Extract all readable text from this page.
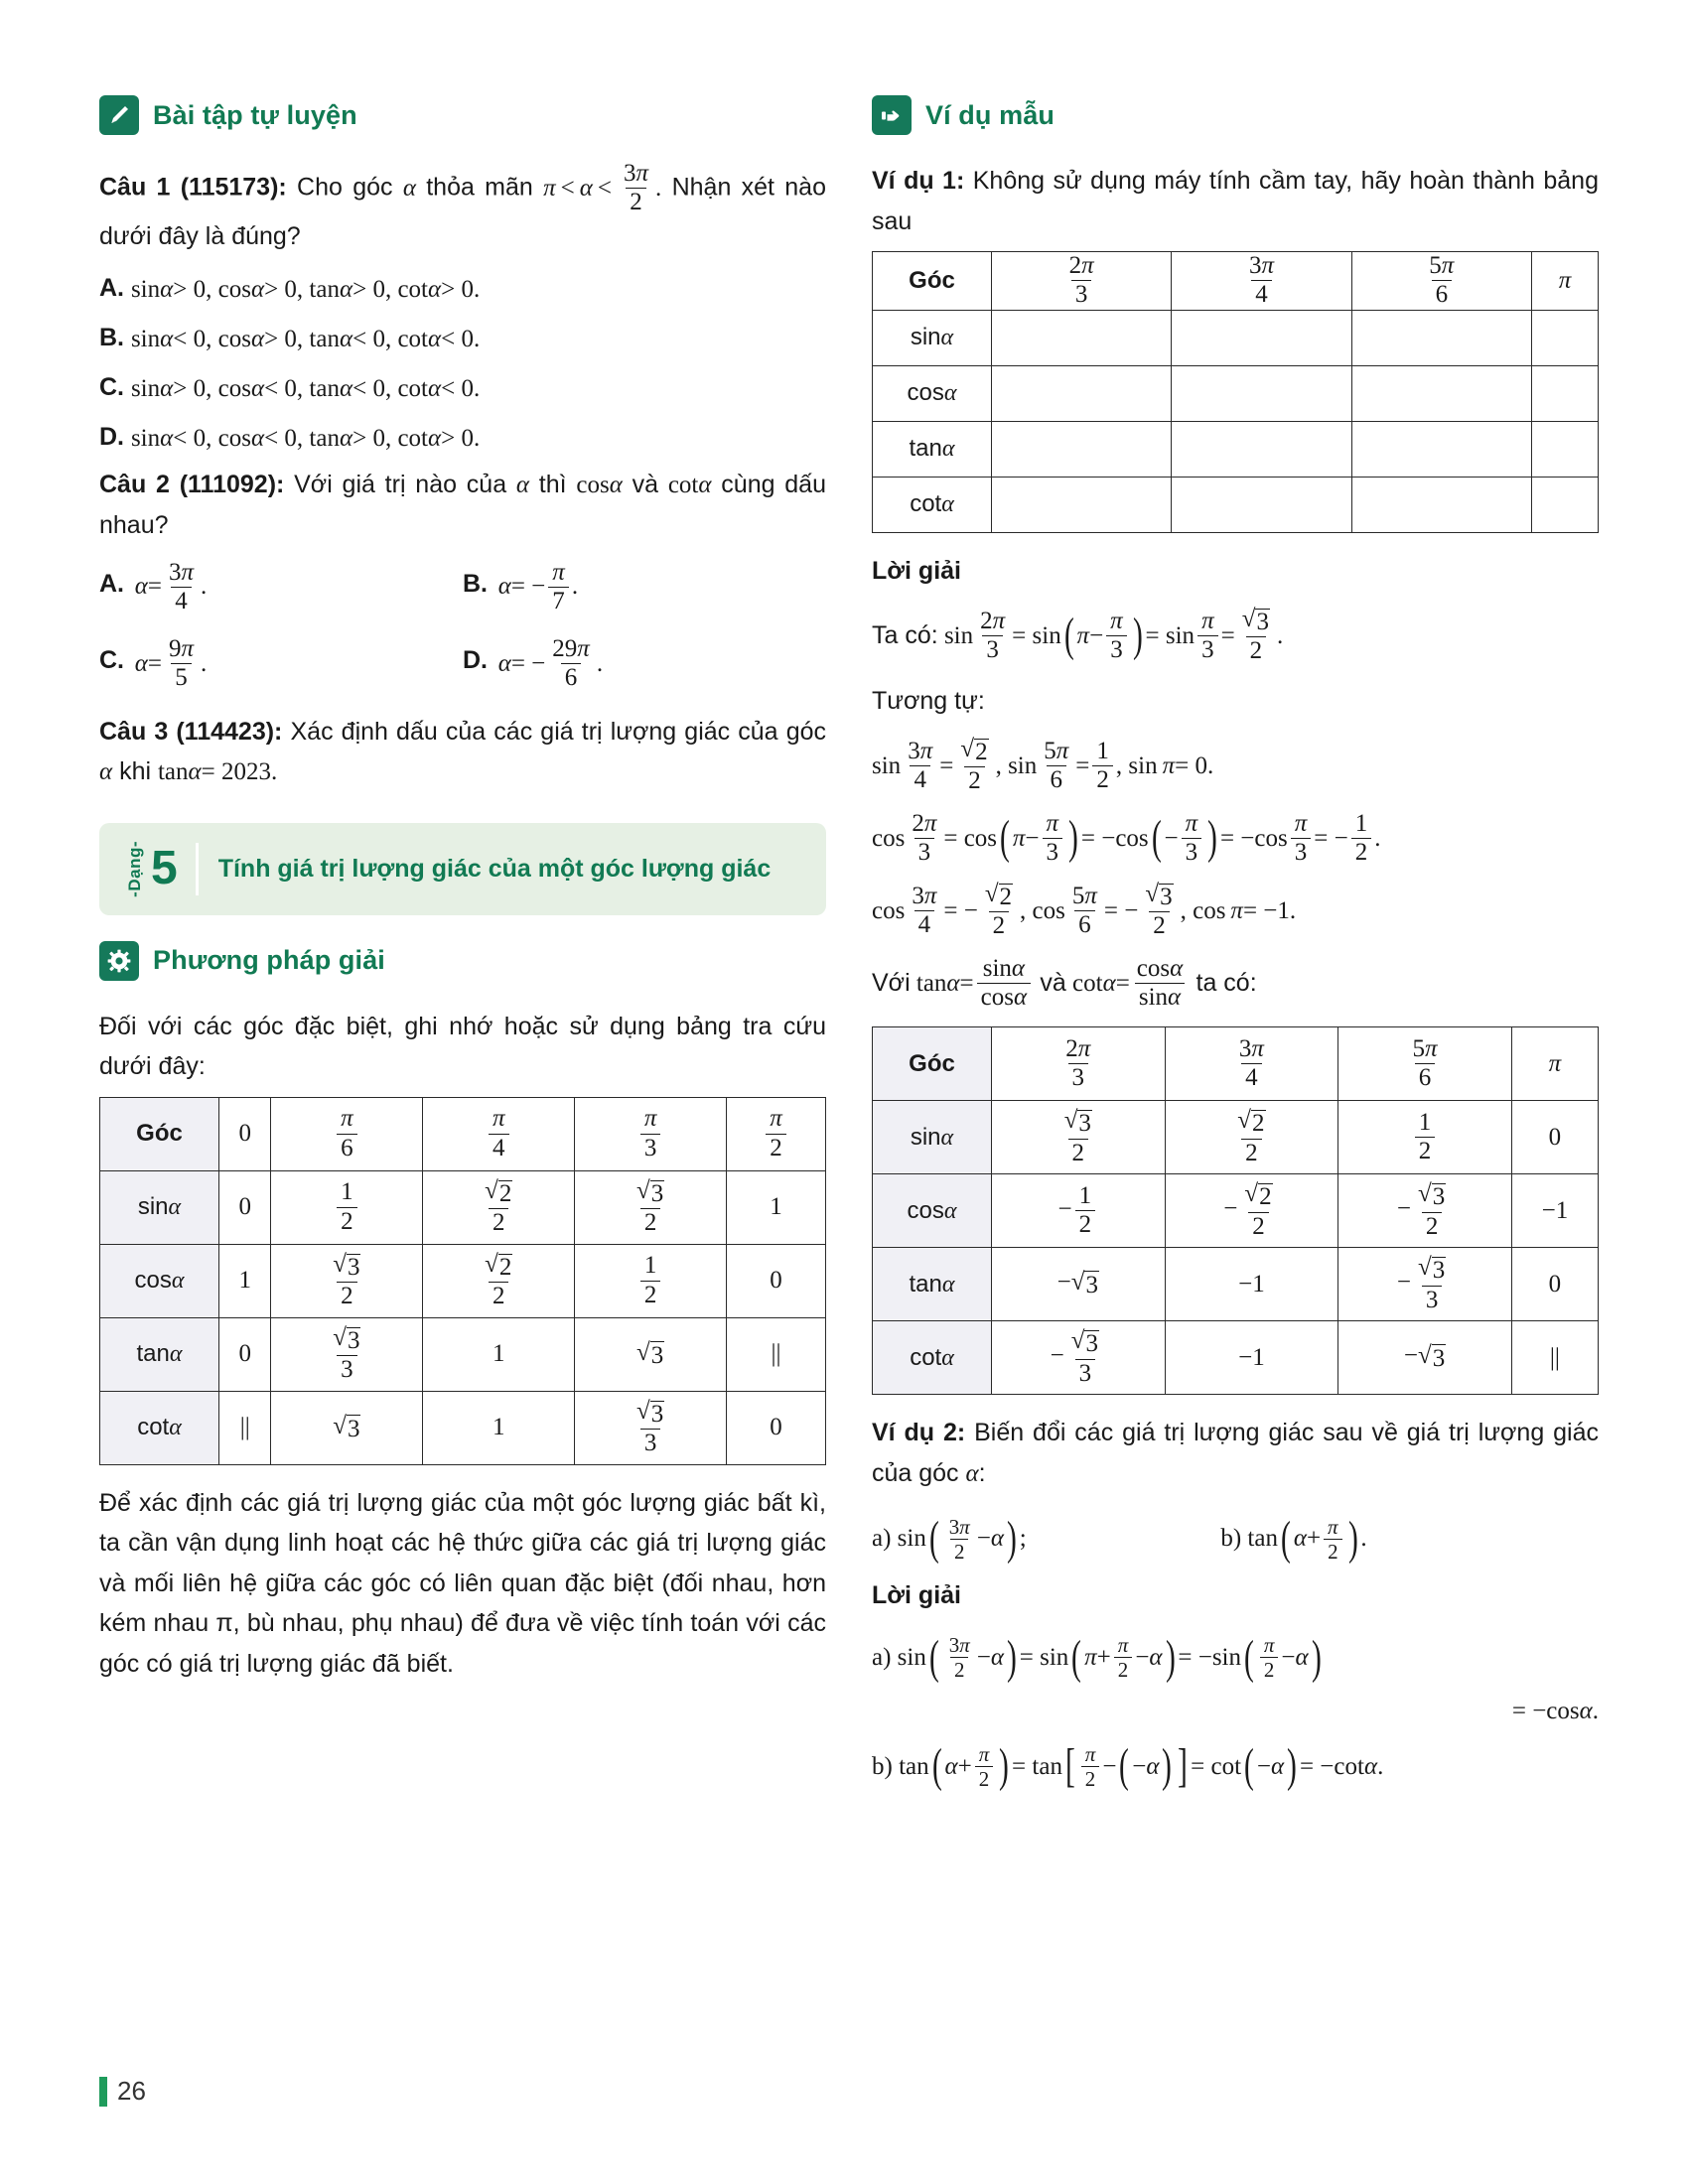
Bài tập tự luyện

Câu 1 (115173): Cho góc α thỏa mãn $\pi < \alpha < \frac{3\pi}{2}$ . Nhận xét nào dưới đây là đúng?

A. sin α > 0, cos α > 0, tan α > 0, cot α > 0.

B. sin α < 0, cos α > 0, tan α < 0, cot α < 0.

C. sin α > 0, cos α < 0, tan α < 0, cot α < 0.

D. sin α < 0, cos α < 0, tan α > 0, cot α > 0.

Câu 2 (111092): Với giá trị nào của α thì cos α và cot α cùng dấu nhau?

A. $\alpha = \frac{3\pi}{4}$ .	B. α = − $\frac{\pi}{7}$ .
C. $\alpha = \frac{9\pi}{5}$ .	D. α = − $\frac{29\pi}{6}$ .

Câu 3 (114423): Xác định dấu của các giá trị lượng giác của góc α khi tan α = 2023.

-Dạng- 5 Tính giá trị lượng giác của một góc lượng giác
Phương pháp giải

Đối với các góc đặc biệt, ghi nhớ hoặc sử dụng bảng tra cứu dưới đây:

Góc	0	$\frac{\pi}{6}$	$\frac{\pi}{4}$	$\frac{\pi}{3}$	$\frac{\pi}{2}$

sinα	0	$\frac{1}{2}$	$\frac{√ 2}{2}$	$\frac{√ 3}{2}$	1
cosα	1	$\frac{√ 3}{2}$	$\frac{√ 2}{2}$	$\frac{1}{2}$	0
tanα	0	$\frac{√ 3}{3}$	1	√ 3	||
cotα	||	√ 3	1	$\frac{√ 3}{3}$	0

Để xác định các giá trị lượng giác của một góc lượng giác bất kì, ta cần vận dụng linh hoạt các hệ thức giữa các giá trị lượng giác và mối liên hệ giữa các góc có liên quan đặc biệt (đối nhau, hơn kém nhau π, bù nhau, phụ nhau) để đưa về việc tính toán với các góc có giá trị lượng giác đã biết.

Ví dụ mẫu

Ví dụ 1: Không sử dụng máy tính cầm tay, hãy hoàn thành bảng sau

Góc	$\frac{2\pi}{3}$	$\frac{3\pi}{4}$	$\frac{5\pi}{6}$	π
sinα				
cosα				
tanα				
cotα				

Lời giải

Ta có:
$\sin \frac{2\pi}{3} = \sin$ ( $\pi - \frac{\pi}{3}$ ) = $\sin \frac{\pi}{3} = \frac{√ 3}{2}$ .

Tương tự:

$\sin \frac{3\pi}{4} = \frac{√ 2}{2}$ , $\sin \frac{5\pi}{6} = \frac{1}{2}$ , sin  π = 0.
$\cos \frac{2\pi}{3} = \cos$ ( $\pi - \frac{\pi}{3}$ ) = −cos ( − $\frac{\pi}{3}$ ) = $-\cos \frac{\pi}{3}$ = − $\frac{1}{2}$ .
$\cos \frac{3\pi}{4}$ = − $\frac{√ 2}{2}$ , $\cos \frac{5\pi}{6}$ = − $\frac{√ 3}{2}$ , cos  π = −1.
Với
$\tan \alpha = \frac{\sin\alpha}{\cos\alpha}$
và
$\cot \alpha = \frac{\cos\alpha}{\sin\alpha}$
ta có:
Góc	$\frac{2\pi}{3}$	$\frac{3\pi}{4}$	$\frac{5\pi}{6}$	π
sinα	$\frac{√ 3}{2}$	$\frac{√ 2}{2}$	$\frac{1}{2}$	0
cosα	− $\frac{1}{2}$	− $\frac{√ 2}{2}$	− $\frac{√ 3}{2}$	−1
tanα	− √ 3	−1	− $\frac{√ 3}{3}$	0
cotα	− $\frac{√ 3}{3}$	−1	− √ 3	||

Ví dụ 2: Biến đổi các giá trị lượng giác sau về giá trị lượng giác của góc α:

a) sin ( $\frac{3\pi}{2} - \alpha$ ) ;	b) tan ( $\alpha + \frac{\pi}{2}$ ) .

Lời giải

a) sin ( $\frac{3\pi}{2} - \alpha$ ) = sin ( $\pi + \frac{\pi}{2} - \alpha$ ) = −sin ( $\frac{\pi}{2} - \alpha$ )
= −cos α .
b) tan ( $\alpha + \frac{\pi}{2}$ ) = tan [ $\frac{\pi}{2}$ − ( − α ) ] = cot ( − α ) = −cot α .
26
